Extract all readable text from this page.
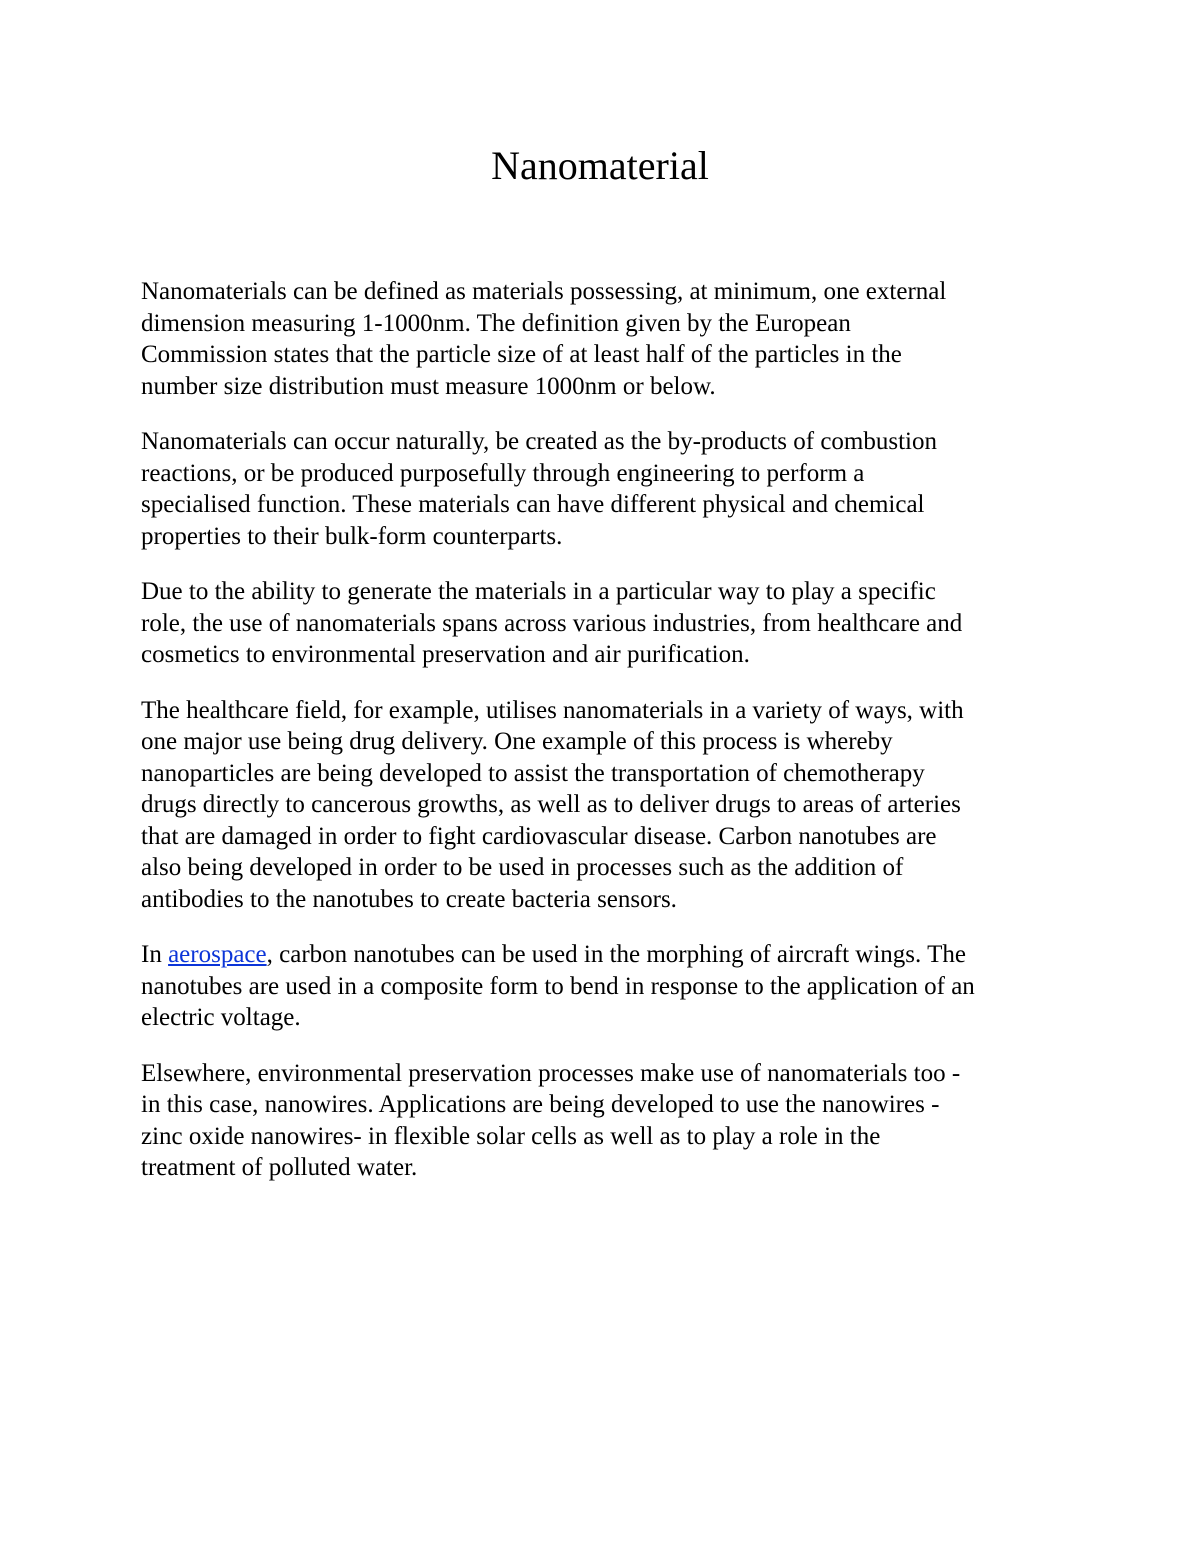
Nanomaterial

Nanomaterials can be defined as materials possessing, at minimum, one external
dimension measuring 1-1000nm. The definition given by the European
Commission states that the particle size of at least half of the particles in the
number size distribution must measure 1000nm or below.

Nanomaterials can occur naturally, be created as the by-products of combustion
reactions, or be produced purposefully through engineering to perform a
specialised function. These materials can have different physical and chemical
properties to their bulk-form counterparts.

Due to the ability to generate the materials in a particular way to play a specific
role, the use of nanomaterials spans across various industries, from healthcare and
cosmetics to environmental preservation and air purification.

The healthcare field, for example, utilises nanomaterials in a variety of ways, with
one major use being drug delivery. One example of this process is whereby
nanoparticles are being developed to assist the transportation of chemotherapy
drugs directly to cancerous growths, as well as to deliver drugs to areas of arteries
that are damaged in order to fight cardiovascular disease. Carbon nanotubes are
also being developed in order to be used in processes such as the addition of
antibodies to the nanotubes to create bacteria sensors.

In aerospace, carbon nanotubes can be used in the morphing of aircraft wings. The
nanotubes are used in a composite form to bend in response to the application of an
electric voltage.

Elsewhere, environmental preservation processes make use of nanomaterials too -
in this case, nanowires. Applications are being developed to use the nanowires -
zinc oxide nanowires- in flexible solar cells as well as to play a role in the
treatment of polluted water.
